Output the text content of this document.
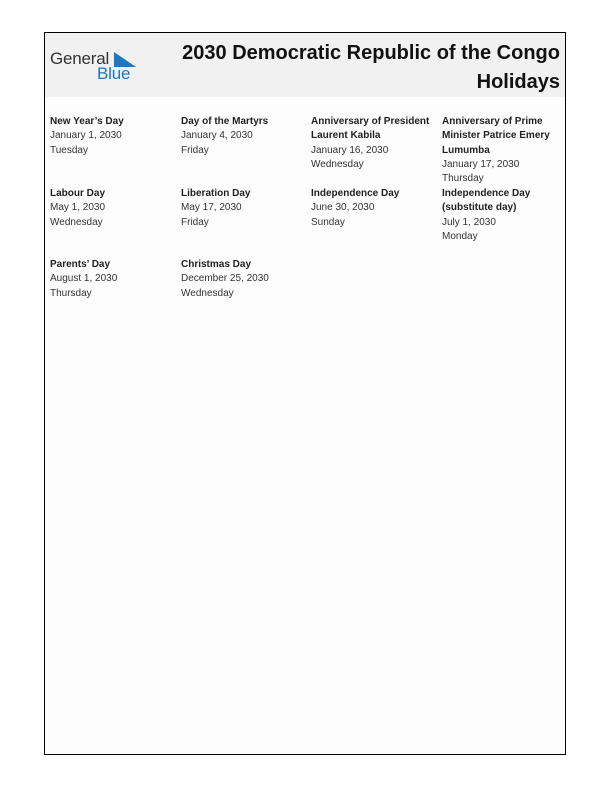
General
Blue
2030 Democratic Republic of the Congo Holidays
New Year’s Day
January 1, 2030
Tuesday
Day of the Martyrs
January 4, 2030
Friday
Anniversary of President Laurent Kabila
January 16, 2030
Wednesday
Anniversary of Prime Minister Patrice Emery Lumumba
January 17, 2030
Thursday
Labour Day
May 1, 2030
Wednesday
Liberation Day
May 17, 2030
Friday
Independence Day
June 30, 2030
Sunday
Independence Day (substitute day)
July 1, 2030
Monday
Parents’ Day
August 1, 2030
Thursday
Christmas Day
December 25, 2030
Wednesday
